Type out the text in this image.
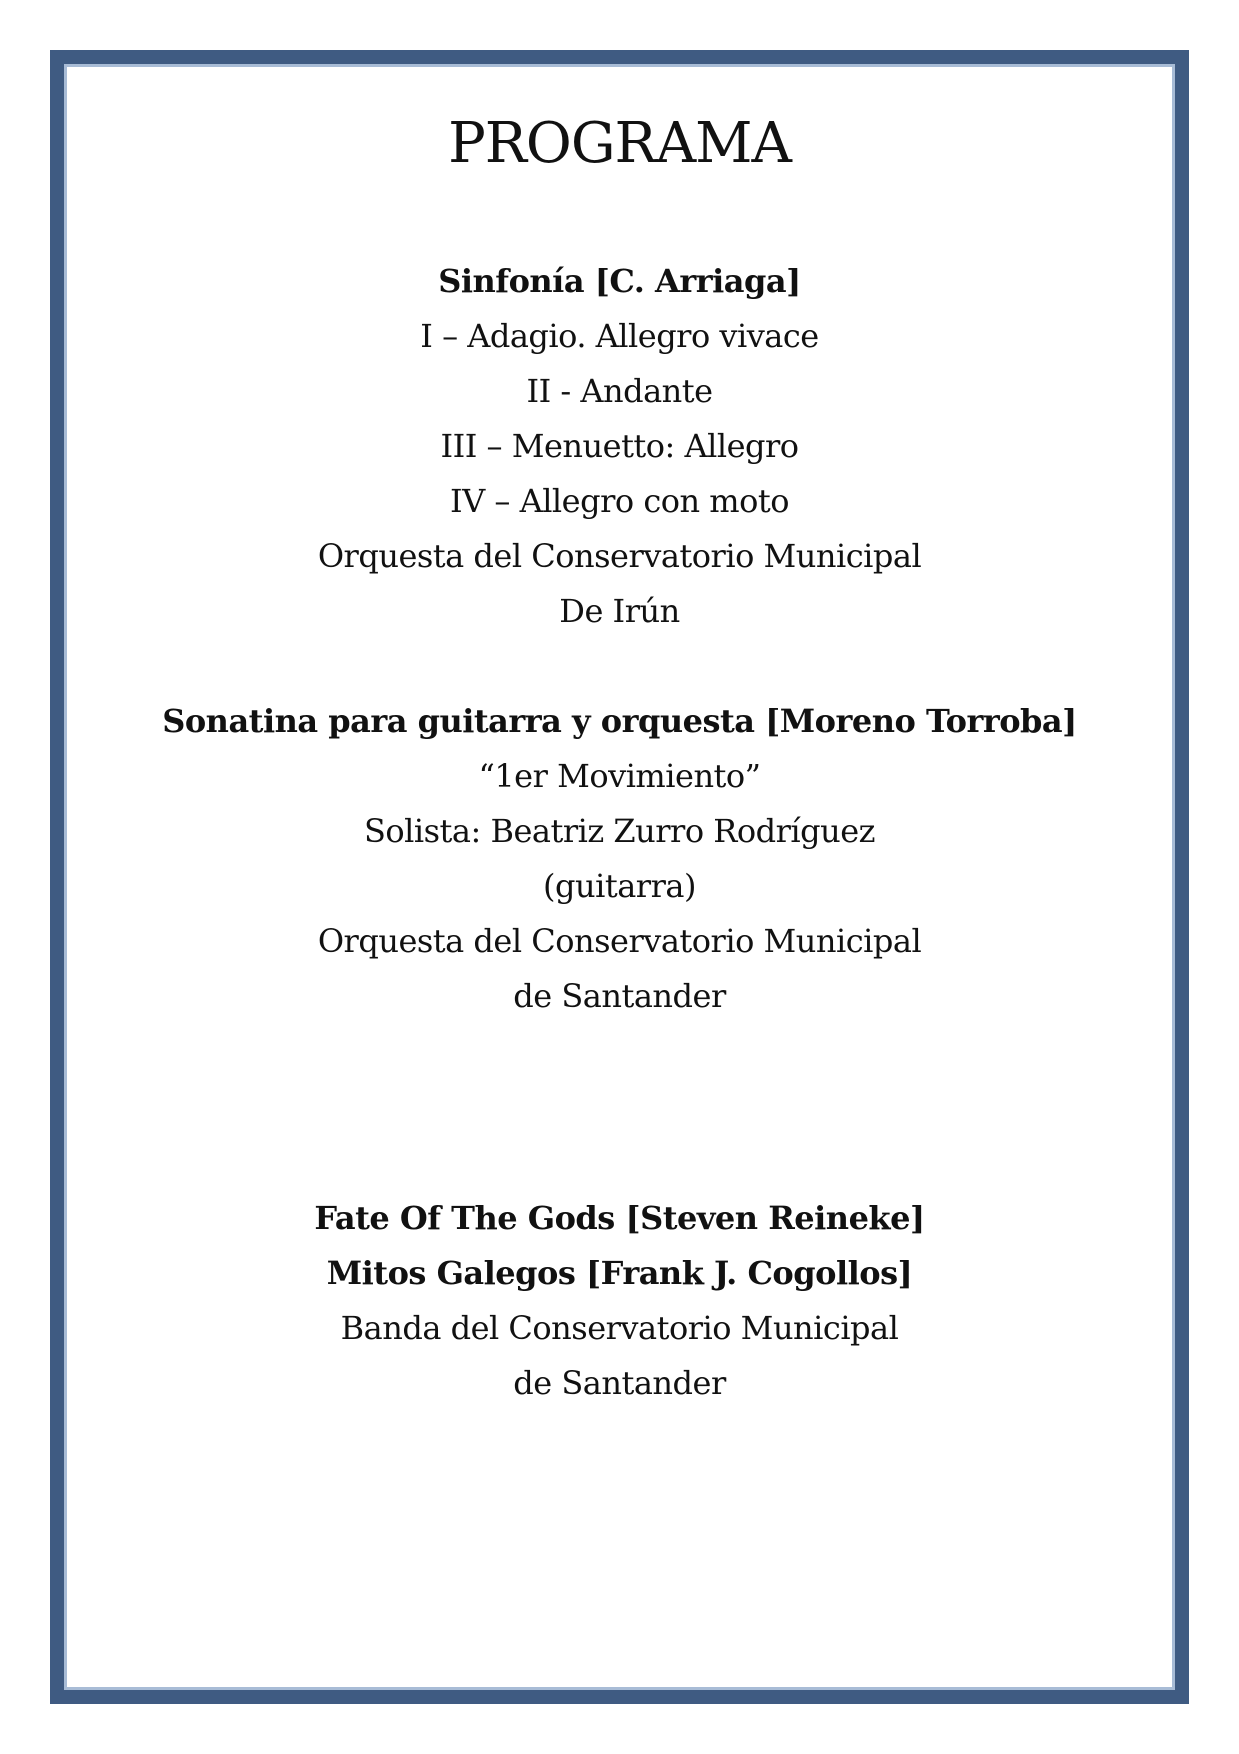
PROGRAMA
Sinfonía [C. Arriaga]
I – Adagio. Allegro vivace
II - Andante
III – Menuetto: Allegro
IV – Allegro con moto
Orquesta del Conservatorio Municipal
De Irún
Sonatina para guitarra y orquesta [Moreno Torroba]
“1er Movimiento”
Solista: Beatriz Zurro Rodríguez
(guitarra)
Orquesta del Conservatorio Municipal
de Santander
Fate Of The Gods [Steven Reineke]
Mitos Galegos [Frank J. Cogollos]
Banda del Conservatorio Municipal
de Santander
